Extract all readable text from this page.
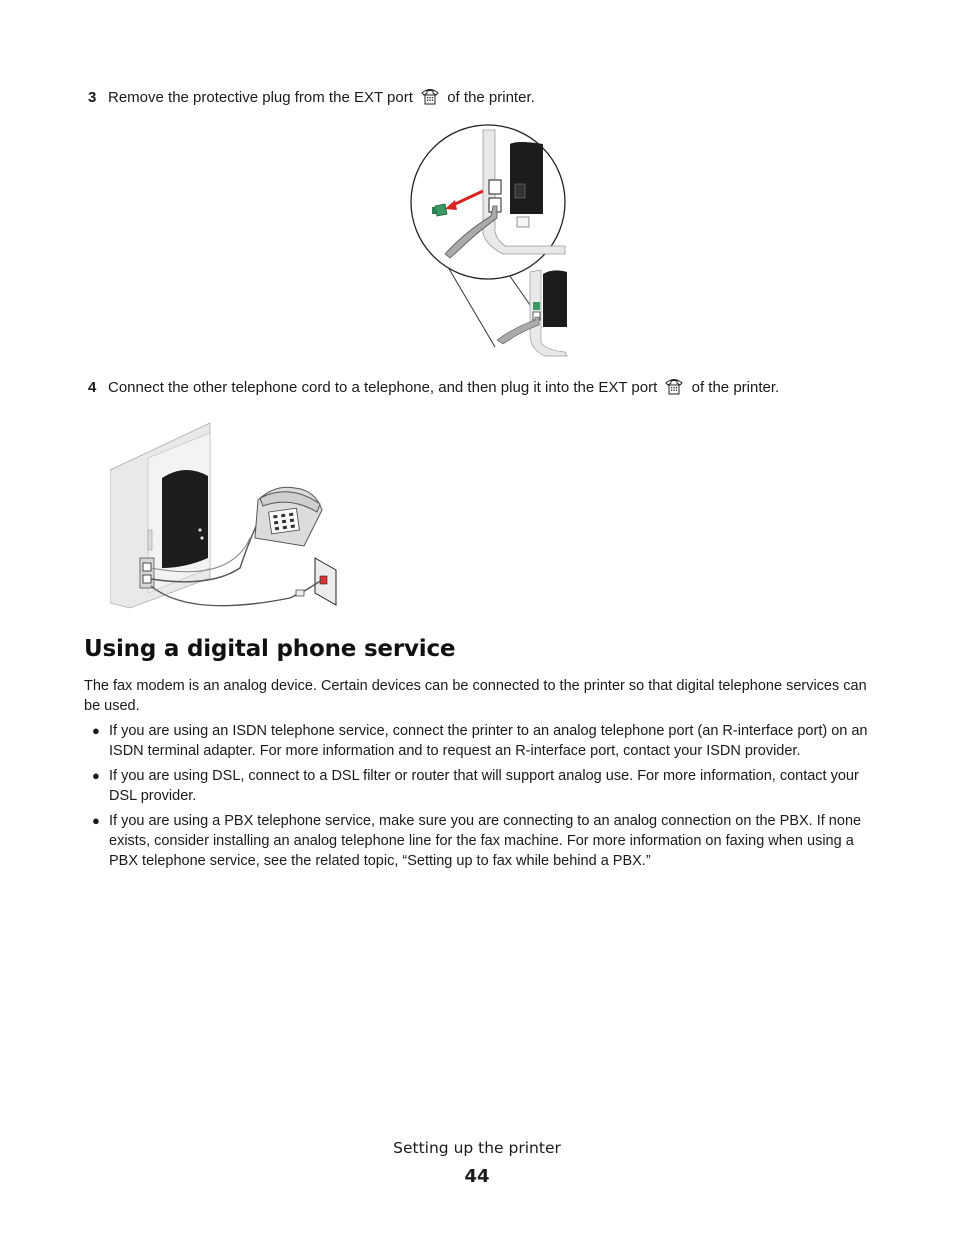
3 Remove the protective plug from the EXT port of the printer.
4 Connect the other telephone cord to a telephone, and then plug it into the EXT port of the printer.
Using a digital phone service
The fax modem is an analog device. Certain devices can be connected to the printer so that digital telephone services can be used.
● If you are using an ISDN telephone service, connect the printer to an analog telephone port (an R-interface port) on an ISDN terminal adapter. For more information and to request an R-interface port, contact your ISDN provider.
● If you are using DSL, connect to a DSL filter or router that will support analog use. For more information, contact your DSL provider.
● If you are using a PBX telephone service, make sure you are connecting to an analog connection on the PBX. If none exists, consider installing an analog telephone line for the fax machine. For more information on faxing when using a PBX telephone service, see the related topic, “Setting up to fax while behind a PBX.”
Setting up the printer
44
